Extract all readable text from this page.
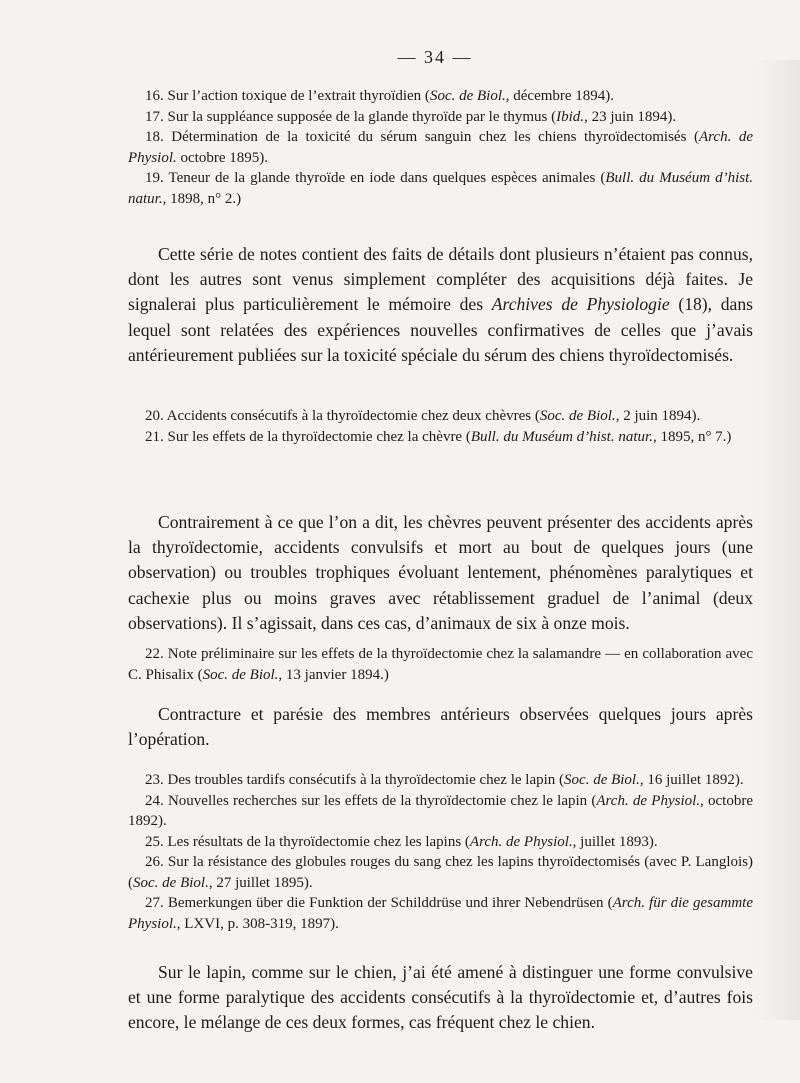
— 34 —

16. Sur l’action toxique de l’extrait thyroïdien (Soc. de Biol., décembre 1894).

17. Sur la suppléance supposée de la glande thyroïde par le thymus (Ibid., 23 juin 1894).

18. Détermination de la toxicité du sérum sanguin chez les chiens thyroïdectomisés (Arch. de Physiol. octobre 1895).

19. Teneur de la glande thyroïde en iode dans quelques espèces animales (Bull. du Muséum d’hist. natur., 1898, n° 2.)

Cette série de notes contient des faits de détails dont plusieurs n’étaient pas connus, dont les autres sont venus simplement compléter des acquisitions déjà faites. Je signalerai plus particulièrement le mémoire des Archives de Physiologie (18), dans lequel sont relatées des expériences nouvelles confirmatives de celles que j’avais antérieurement publiées sur la toxicité spéciale du sérum des chiens thyroïdectomisés.

20. Accidents consécutifs à la thyroïdectomie chez deux chèvres (Soc. de Biol., 2 juin 1894).

21. Sur les effets de la thyroïdectomie chez la chèvre (Bull. du Muséum d’hist. natur., 1895, n° 7.)

Contrairement à ce que l’on a dit, les chèvres peuvent présenter des accidents après la thyroïdectomie, accidents convulsifs et mort au bout de quelques jours (une observation) ou troubles trophiques évoluant lentement, phénomènes paralytiques et cachexie plus ou moins graves avec rétablissement graduel de l’animal (deux observations). Il s’agissait, dans ces cas, d’animaux de six à onze mois.

22. Note préliminaire sur les effets de la thyroïdectomie chez la salamandre — en collaboration avec C. Phisalix (Soc. de Biol., 13 janvier 1894.)

Contracture et parésie des membres antérieurs observées quelques jours après l’opération.

23. Des troubles tardifs consécutifs à la thyroïdectomie chez le lapin (Soc. de Biol., 16 juillet 1892).

24. Nouvelles recherches sur les effets de la thyroïdectomie chez le lapin (Arch. de Physiol., octobre 1892).

25. Les résultats de la thyroïdectomie chez les lapins (Arch. de Physiol., juillet 1893).

26. Sur la résistance des globules rouges du sang chez les lapins thyroïdectomisés (avec P. Langlois) (Soc. de Biol., 27 juillet 1895).

27. Bemerkungen über die Funktion der Schilddrüse und ihrer Nebendrüsen (Arch. für die gesammte Physiol., LXVI, p. 308-319, 1897).

Sur le lapin, comme sur le chien, j’ai été amené à distinguer une forme convulsive et une forme paralytique des accidents consécutifs à la thyroïdectomie et, d’autres fois encore, le mélange de ces deux formes, cas fréquent chez le chien.
